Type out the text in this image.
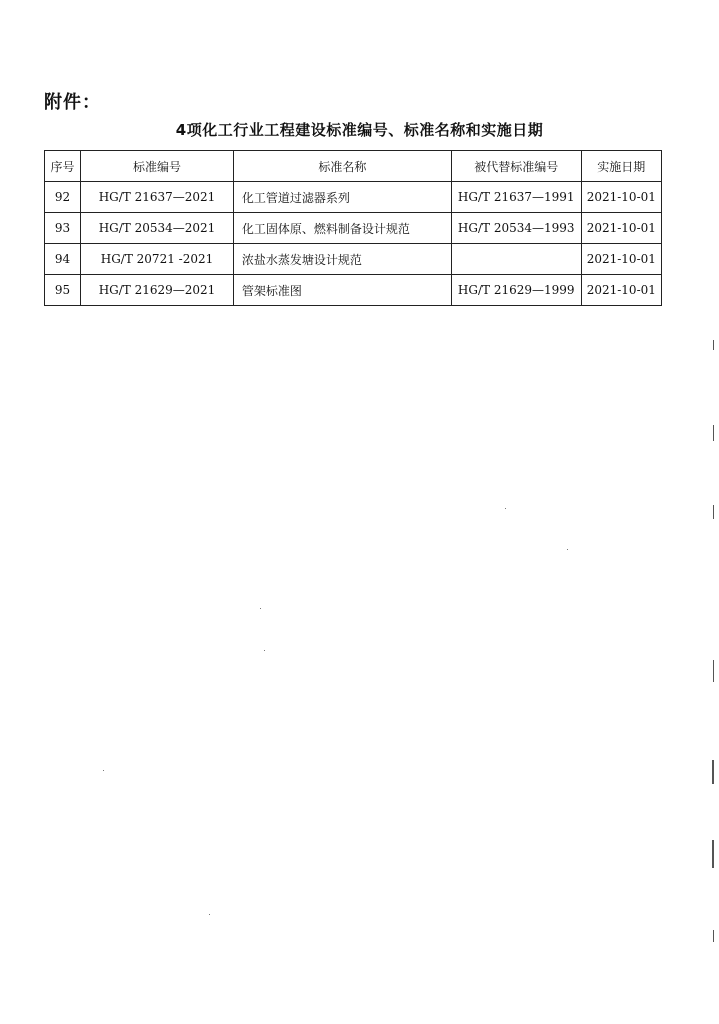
附件：
4项化工行业工程建设标准编号、标准名称和实施日期
序号	标准编号	标准名称	被代替标准编号	实施日期
92	HG/T 21637—2021	化工管道过滤器系列	HG/T 21637—1991	2021-10-01
93	HG/T 20534—2021	化工固体原、燃料制备设计规范	HG/T 20534—1993	2021-10-01
94	HG/T 20721 -2021	浓盐水蒸发塘设计规范		2021-10-01
95	HG/T 21629—2021	管架标准图	HG/T 21629—1999	2021-10-01
